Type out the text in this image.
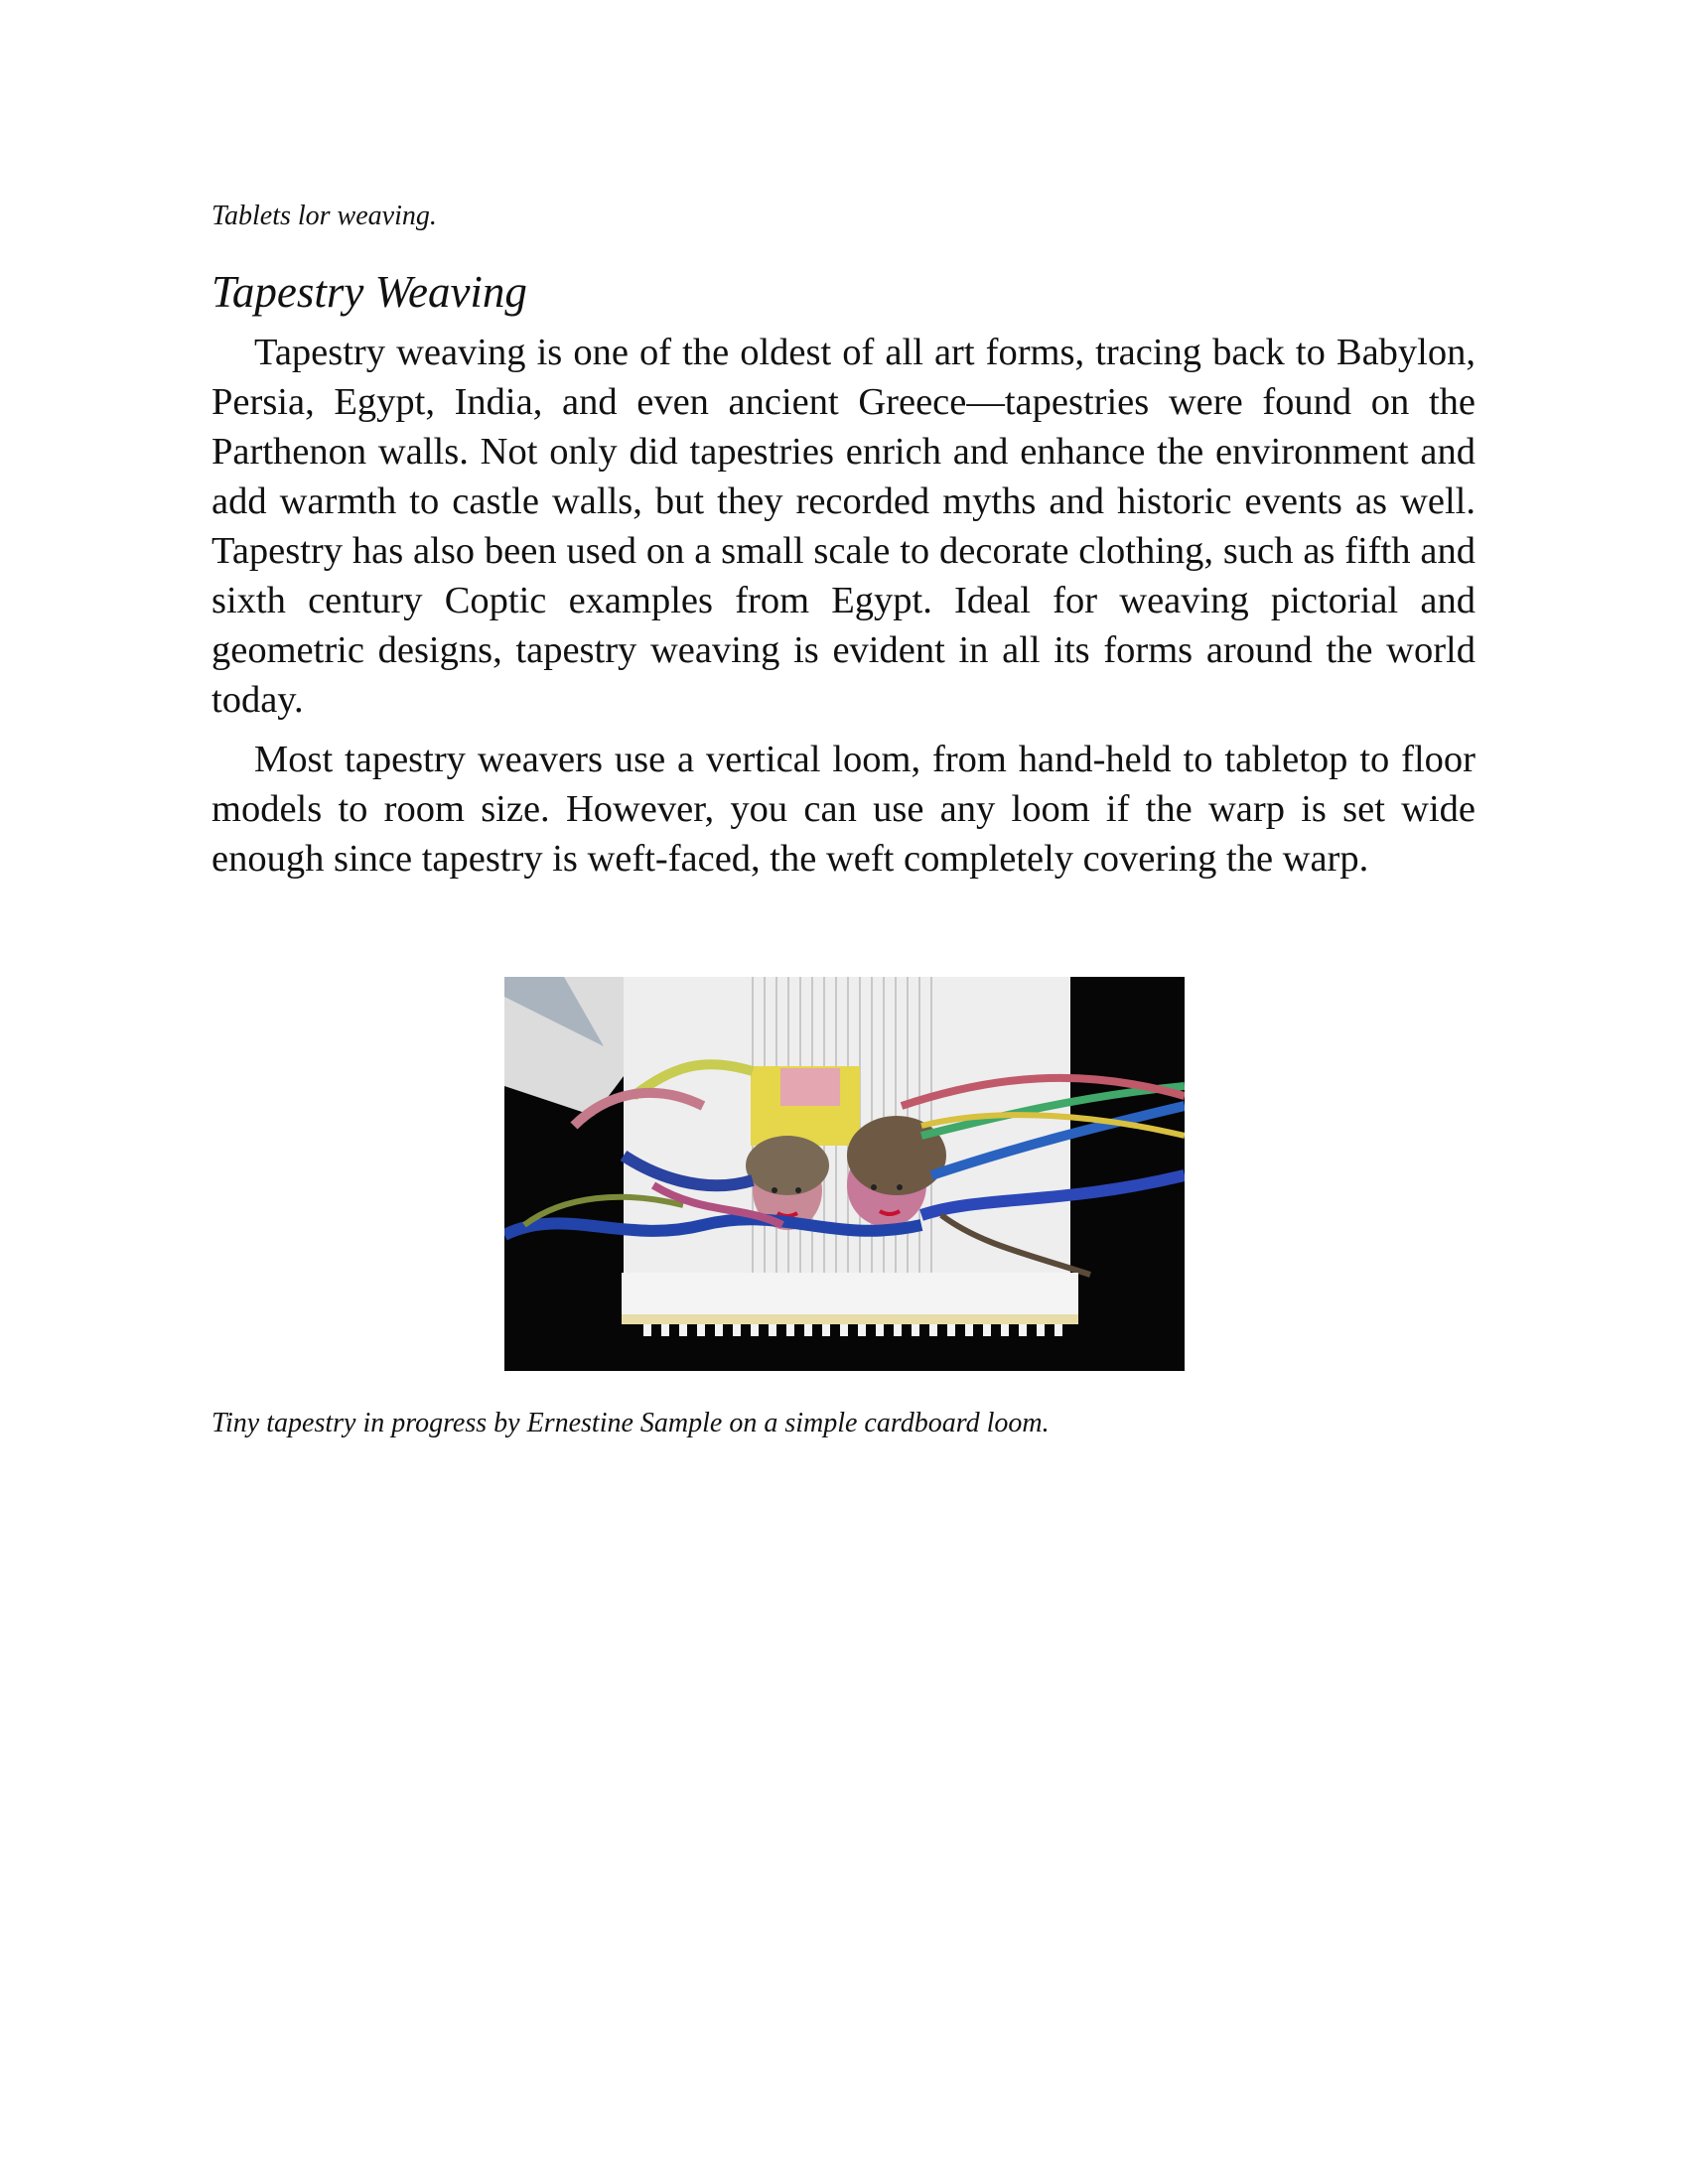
Tablets lor weaving.

Tapestry Weaving

Tapestry weaving is one of the oldest of all art forms, tracing back to Babylon, Persia, Egypt, India, and even ancient Greece—tapestries were found on the Parthenon walls. Not only did tapestries enrich and enhance the environment and add warmth to castle walls, but they recorded myths and historic events as well. Tapestry has also been used on a small scale to decorate clothing, such as fifth and sixth century Coptic examples from Egypt. Ideal for weaving pictorial and geometric designs, tapestry weaving is evident in all its forms around the world today.

Most tapestry weavers use a vertical loom, from hand-held to tabletop to floor models to room size. However, you can use any loom if the warp is set wide enough since tapestry is weft-faced, the weft completely covering the warp.

Tiny tapestry in progress by Ernestine Sample on a simple cardboard loom.
